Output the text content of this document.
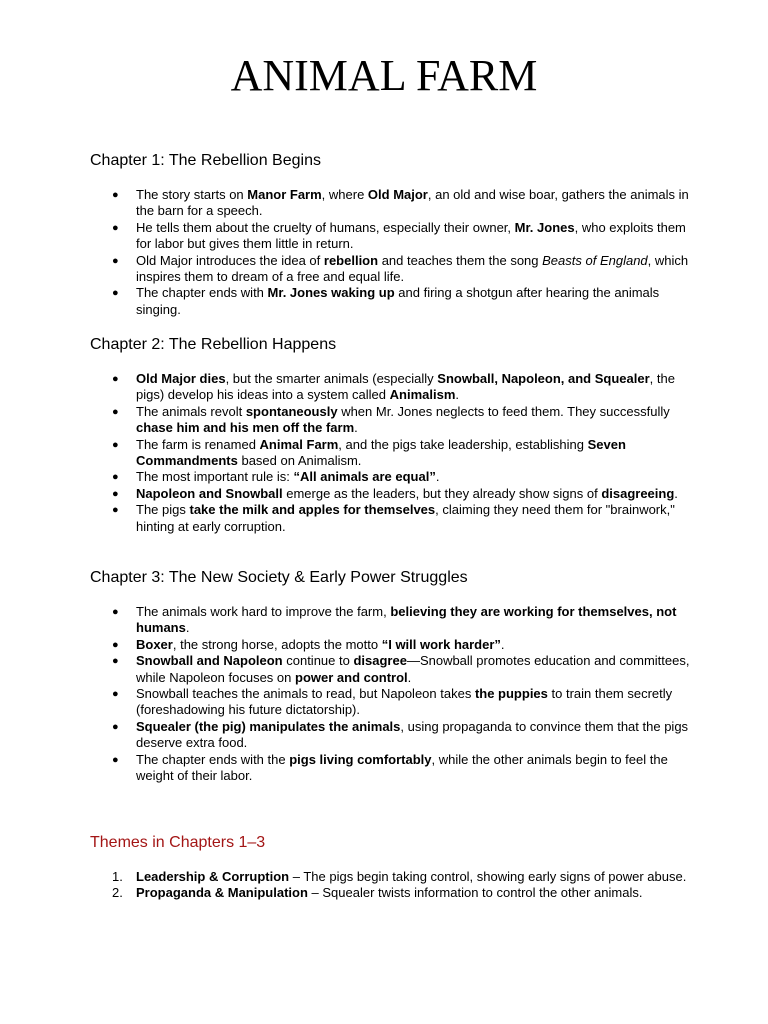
ANIMAL FARM
Chapter 1: The Rebellion Begins
● The story starts on Manor Farm, where Old Major, an old and wise boar, gathers the animals in the barn for a speech.
● He tells them about the cruelty of humans, especially their owner, Mr. Jones, who exploits them for labor but gives them little in return.
● Old Major introduces the idea of rebellion and teaches them the song Beasts of England, which inspires them to dream of a free and equal life.
● The chapter ends with Mr. Jones waking up and firing a shotgun after hearing the animals singing.
Chapter 2: The Rebellion Happens
● Old Major dies, but the smarter animals (especially Snowball, Napoleon, and Squealer, the pigs) develop his ideas into a system called Animalism.
● The animals revolt spontaneously when Mr. Jones neglects to feed them. They successfully chase him and his men off the farm.
● The farm is renamed Animal Farm, and the pigs take leadership, establishing Seven Commandments based on Animalism.
● The most important rule is: “All animals are equal”.
● Napoleon and Snowball emerge as the leaders, but they already show signs of disagreeing.
● The pigs take the milk and apples for themselves, claiming they need them for "brainwork," hinting at early corruption.
Chapter 3: The New Society & Early Power Struggles
● The animals work hard to improve the farm, believing they are working for themselves, not humans.
● Boxer, the strong horse, adopts the motto “I will work harder”.
● Snowball and Napoleon continue to disagree—Snowball promotes education and committees, while Napoleon focuses on power and control.
● Snowball teaches the animals to read, but Napoleon takes the puppies to train them secretly (foreshadowing his future dictatorship).
● Squealer (the pig) manipulates the animals, using propaganda to convince them that the pigs deserve extra food.
● The chapter ends with the pigs living comfortably, while the other animals begin to feel the weight of their labor.
Themes in Chapters 1–3
1. Leadership & Corruption – The pigs begin taking control, showing early signs of power abuse.
2. Propaganda & Manipulation – Squealer twists information to control the other animals.
